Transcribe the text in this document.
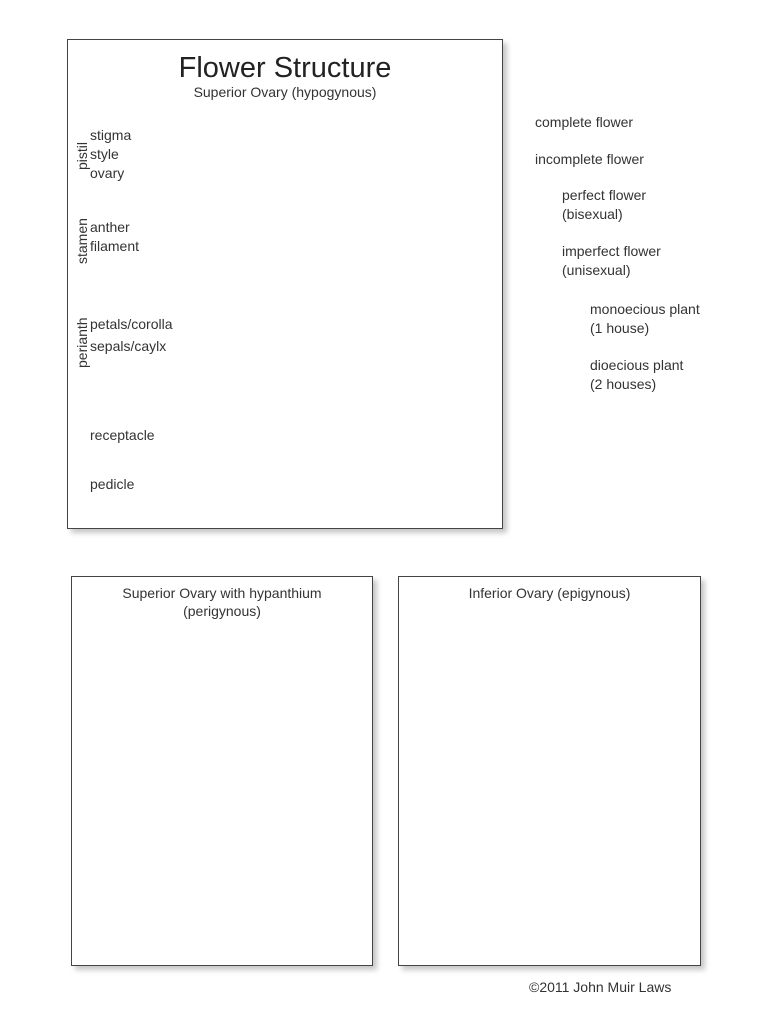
Flower Structure
Superior Ovary (hypogynous)
pistil
stamen
perianth
stigma
style
ovary
anther
filament
petals/corolla
sepals/caylx
receptacle
pedicle
complete flower
incomplete flower
perfect flower
(bisexual)
imperfect flower
(unisexual)
monoecious plant
(1 house)
dioecious plant
(2 houses)
Superior Ovary with hypanthium
(perigynous)
Inferior Ovary (epigynous)
©2011 John Muir Laws
